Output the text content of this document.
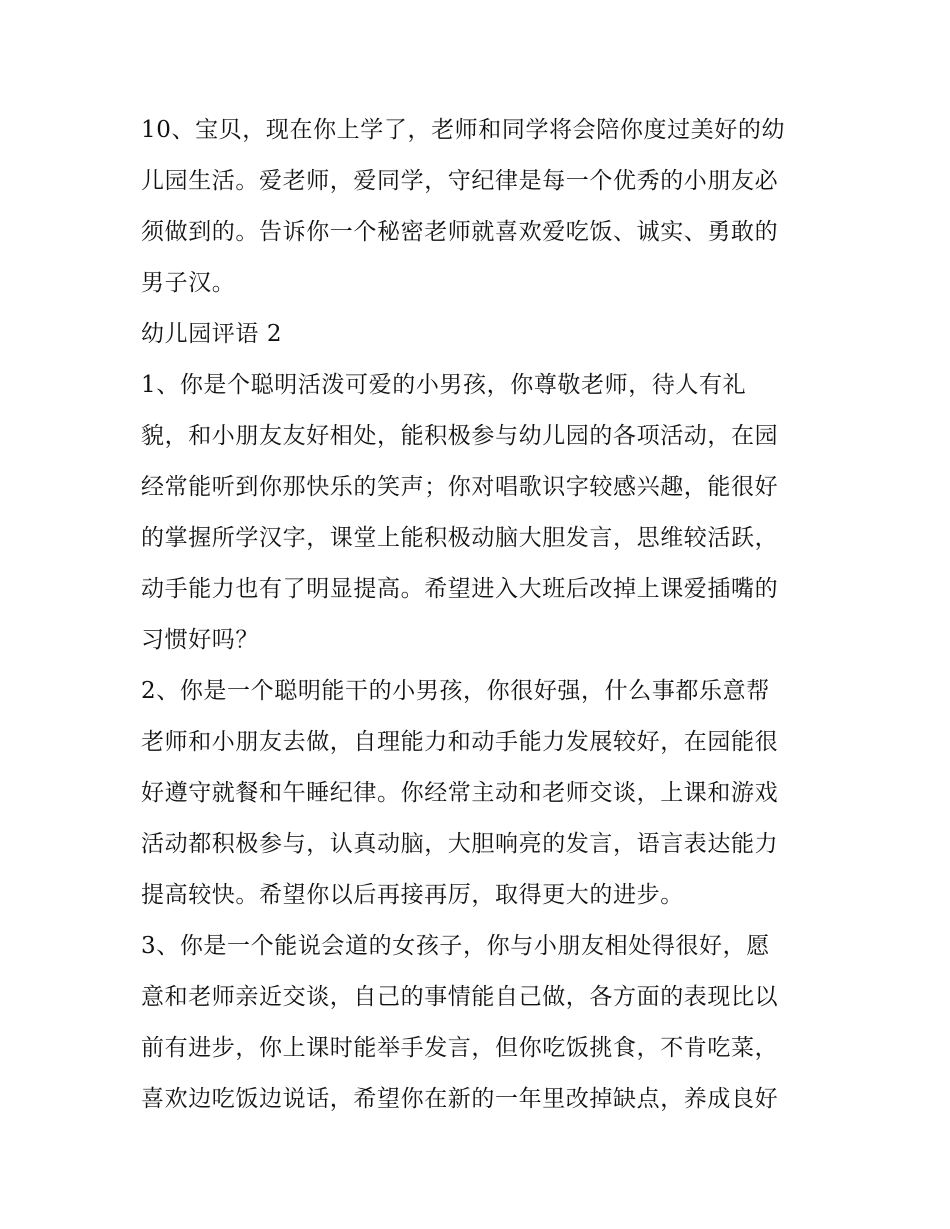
10、宝贝，现在你上学了，老师和同学将会陪你度过美好的幼

儿园生活。爱老师，爱同学，守纪律是每一个优秀的小朋友必

须做到的。告诉你一个秘密老师就喜欢爱吃饭、诚实、勇敢的

男子汉。

幼儿园评语 2

1、你是个聪明活泼可爱的小男孩，你尊敬老师，待人有礼

貌，和小朋友友好相处，能积极参与幼儿园的各项活动，在园

经常能听到你那快乐的笑声；你对唱歌识字较感兴趣，能很好

的掌握所学汉字，课堂上能积极动脑大胆发言，思维较活跃，

动手能力也有了明显提高。希望进入大班后改掉上课爱插嘴的

习惯好吗？

2、你是一个聪明能干的小男孩，你很好强，什么事都乐意帮

老师和小朋友去做，自理能力和动手能力发展较好，在园能很

好遵守就餐和午睡纪律。你经常主动和老师交谈，上课和游戏

活动都积极参与，认真动脑，大胆响亮的发言，语言表达能力

提高较快。希望你以后再接再厉，取得更大的进步。

3、你是一个能说会道的女孩子，你与小朋友相处得很好，愿

意和老师亲近交谈，自己的事情能自己做，各方面的表现比以

前有进步，你上课时能举手发言，但你吃饭挑食，不肯吃菜，

喜欢边吃饭边说话，希望你在新的一年里改掉缺点，养成良好
